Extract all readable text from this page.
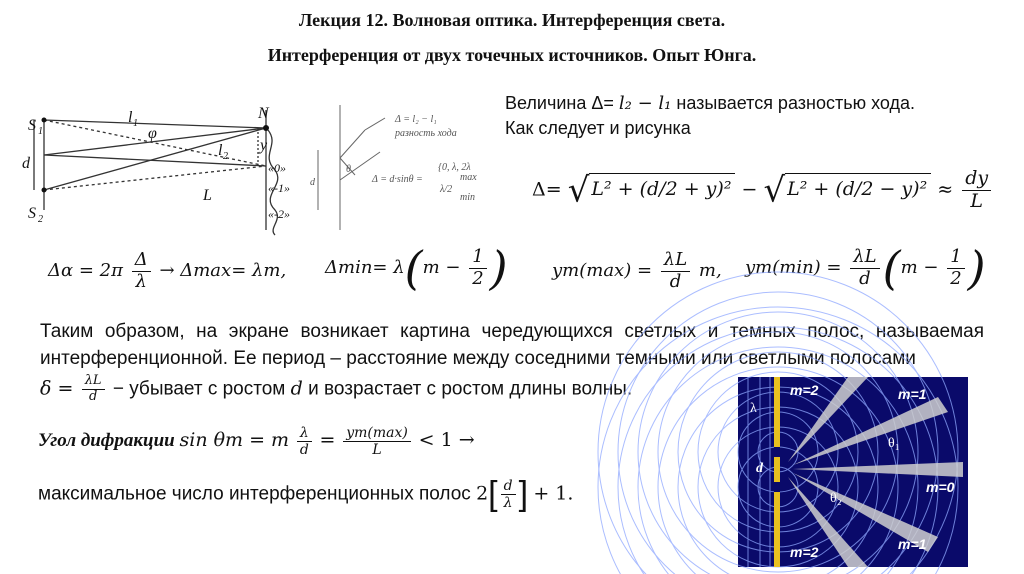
Лекция 12. Волновая оптика. Интерференция света.
Интерференция от двух точечных источников. Опыт Юнга.
S 1
S 2
d
l 1
φ
l 2
L
N
y
«0»
«-1»
«-2»
Δ = l₂ − l₁
разность хода
Δ = d·sinθ =
{0, λ, 2λ
λ/2
max
min
θ
d
Величина Δ= l₂ − l₁ называется разностью хода.
Как следует и рисунка
Δ= √ L² + (d/2 + y)² − √ $L^2 + (d/2 - y)^2 \approx \frac{dy}{L}$
$\Delta\alpha = 2\pi \frac{\Delta}{\lambda} \to \Delta\max= \lambda m$, $\Delta\min= \lambda(m - \frac{1}{2}$ ) $ym(\max) = \frac{\lambda L}{d} m$, $ym(\min) = \frac{\lambda L}{d} (m - \frac{1}{2}$ )
Таким образом, на экране возникает картина чередующихся светлых и темных полос, называемая интерференционной. Ее период – расстояние между соседними темными или светлыми полосами
$\delta = \frac{\lambda L}{d}$ − убывает с ростом d и возрастает с ростом длины волны.
Угол дифракции sin θm = m $\frac{\lambda}{d} = \frac{ym(\max)}{L} < 1$ →
максимальное число интерференционных полос $2[ \frac{d}{\lambda}$ ] + 1.
m=2	m=1
m=0
m=1
m=2
λ
d
θ₁
θ₂
